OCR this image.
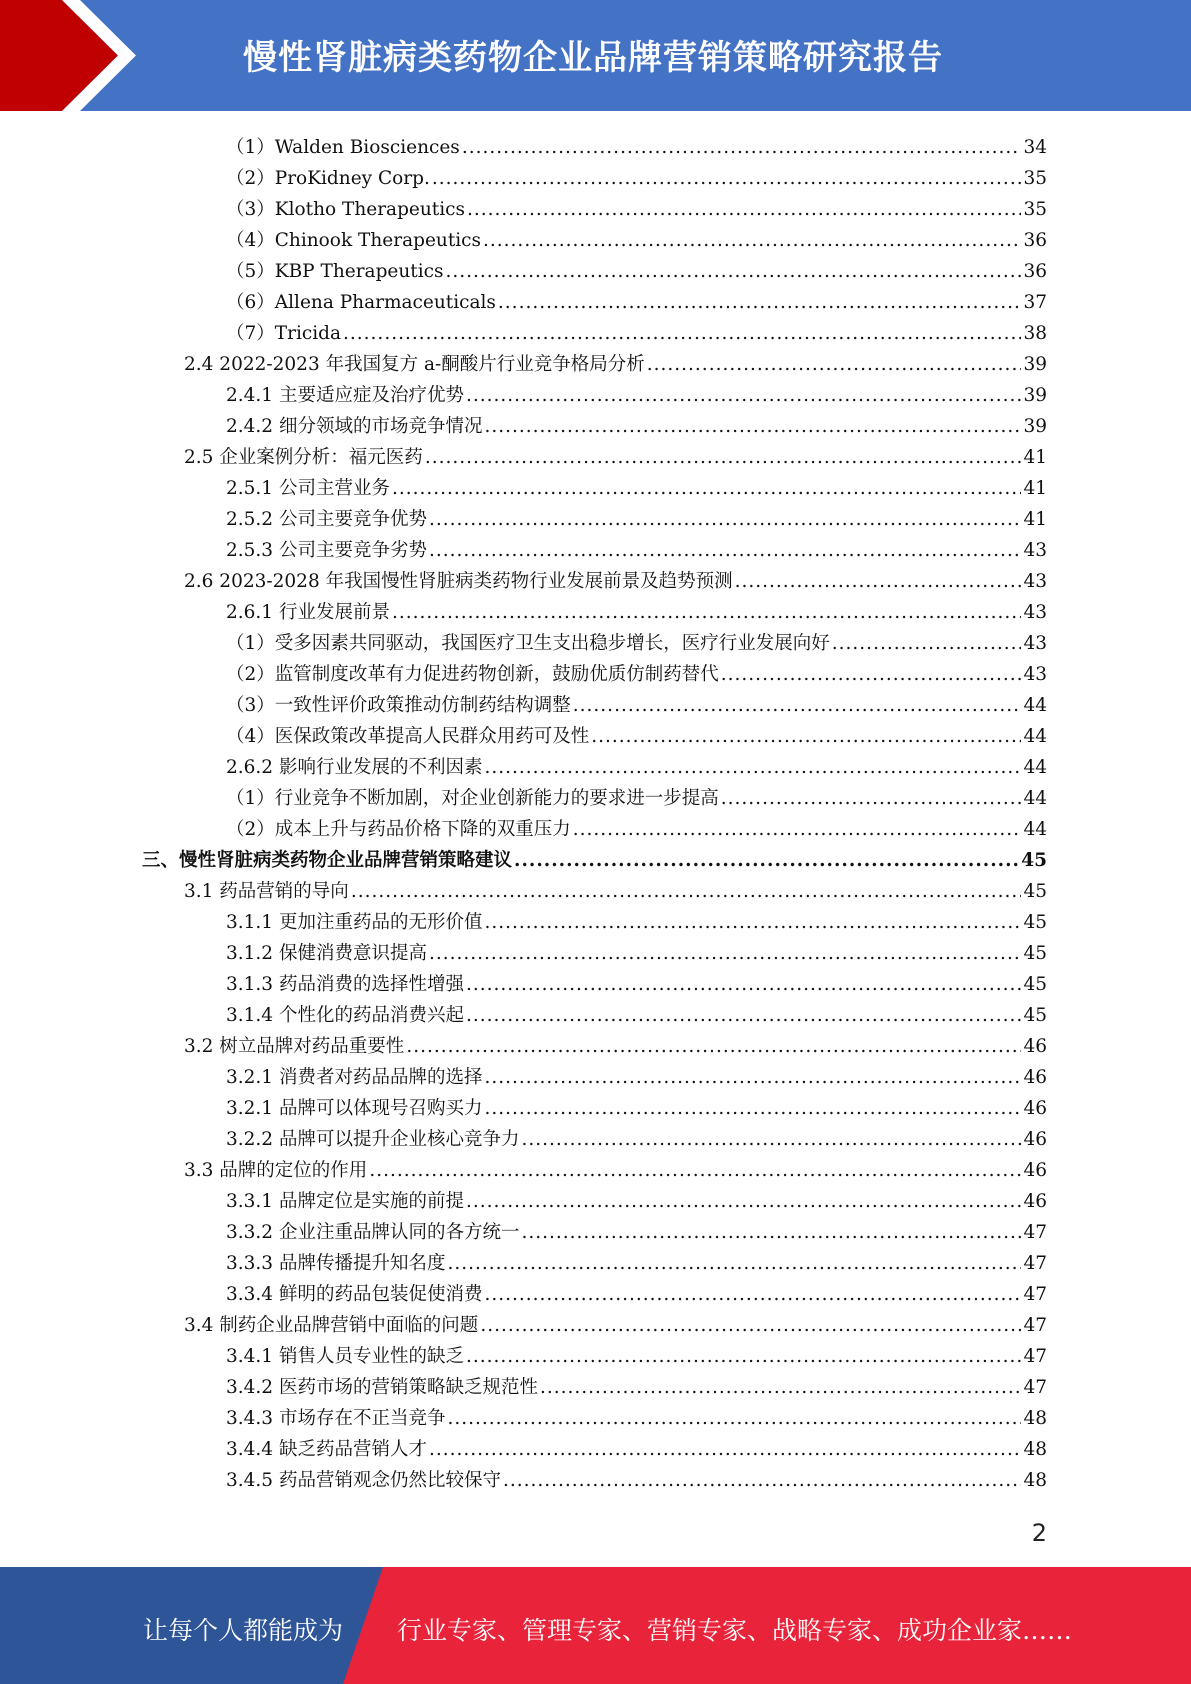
慢性肾脏病类药物企业品牌营销策略研究报告
（1）Walden Biosciences .....	34
（2）ProKidney Corp. .....	35
（3）Klotho Therapeutics .....	35
（4）Chinook Therapeutics .....	36
（5）KBP Therapeutics .....	36
（6）Allena Pharmaceuticals .....	37
（7）Tricida .....	38
2.4 2022-2023 年我国复方 a-酮酸片行业竞争格局分析 .....	39
2.4.1 主要适应症及治疗优势 .....	39
2.4.2 细分领域的市场竞争情况 .....	39
2.5 企业案例分析：福元医药 .....	41
2.5.1 公司主营业务 .....	41
2.5.2 公司主要竞争优势 .....	41
2.5.3 公司主要竞争劣势 .....	43
2.6 2023-2028 年我国慢性肾脏病类药物行业发展前景及趋势预测 .....	43
2.6.1 行业发展前景 .....	43
（1）受多因素共同驱动，我国医疗卫生支出稳步增长，医疗行业发展向好 .....	43
（2）监管制度改革有力促进药物创新，鼓励优质仿制药替代 .....	43
（3）一致性评价政策推动仿制药结构调整 .....	44
（4）医保政策改革提高人民群众用药可及性 .....	44
2.6.2 影响行业发展的不利因素 .....	44
（1）行业竞争不断加剧，对企业创新能力的要求进一步提高 .....	44
（2）成本上升与药品价格下降的双重压力 .....	44
三、慢性肾脏病类药物企业品牌营销策略建议 .....	45
3.1 药品营销的导向 .....	45
3.1.1 更加注重药品的无形价值 .....	45
3.1.2 保健消费意识提高 .....	45
3.1.3 药品消费的选择性增强 .....	45
3.1.4 个性化的药品消费兴起 .....	45
3.2 树立品牌对药品重要性 .....	46
3.2.1 消费者对药品品牌的选择 .....	46
3.2.1 品牌可以体现号召购买力 .....	46
3.2.2 品牌可以提升企业核心竞争力 .....	46
3.3 品牌的定位的作用 .....	46
3.3.1 品牌定位是实施的前提 .....	46
3.3.2 企业注重品牌认同的各方统一 .....	47
3.3.3 品牌传播提升知名度 .....	47
3.3.4 鲜明的药品包装促使消费 .....	47
3.4 制药企业品牌营销中面临的问题 .....	47
3.4.1 销售人员专业性的缺乏 .....	47
3.4.2 医药市场的营销策略缺乏规范性 .....	47
3.4.3 市场存在不正当竞争 .....	48
3.4.4 缺乏药品营销人才 .....	48
3.4.5 药品营销观念仍然比较保守 .....	48
2
让每个人都能成为 行业专家、管理专家、营销专家、战略专家、成功企业家……
